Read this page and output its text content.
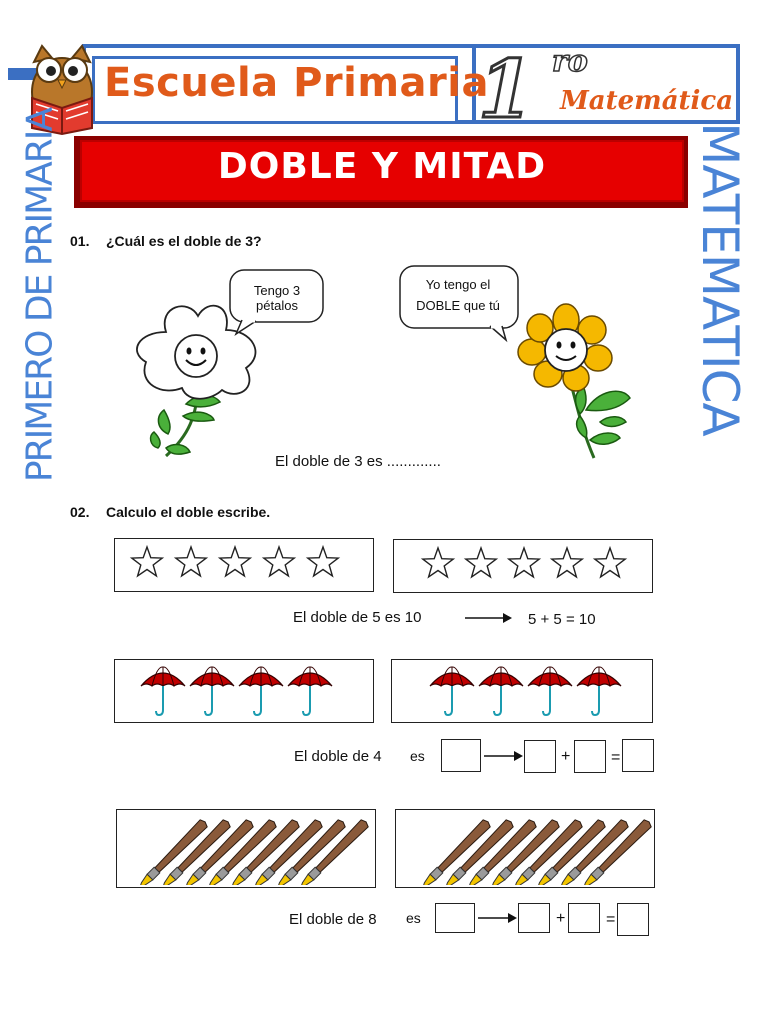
Escuela Primaria
1 ro
Matemática
PRIMERO DE PRIMARIA	MATEMATICA
DOBLE Y MITAD
01. ¿Cuál es el doble de 3?
Tengo 3
pétalos
Yo tengo el
DOBLE que tú
El doble de 3 es .............
02. Calculo el doble escribe.
El doble de 5 es 10	5 + 5 = 10
El doble de 4 es	+	=
El doble de 8 es	+	=
